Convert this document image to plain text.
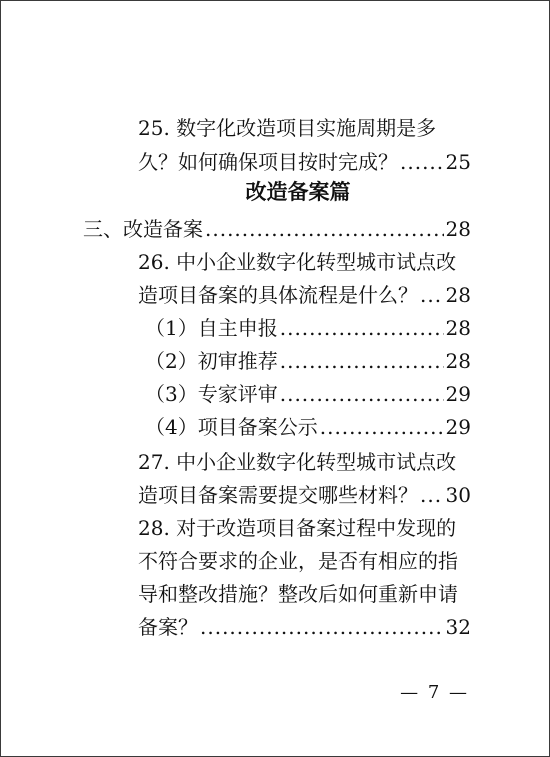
25. 数字化改造项目实施周期是多
久？如何确保项目按时完成？ ..... 25
改造备案篇
三、改造备案 .....	28
26. 中小企业数字化转型城市试点改
造项目备案的具体流程是什么？ ..... 28
（1）自主申报 .....	28
（2）初审推荐 .....	28
（3）专家评审 .....	29
（4）项目备案公示 .....	29
27. 中小企业数字化转型城市试点改
造项目备案需要提交哪些材料？ ..... 30
28. 对于改造项目备案过程中发现的
不符合要求的企业，是否有相应的指
导和整改措施？整改后如何重新申请
备案？ .....	32
— 7 —
